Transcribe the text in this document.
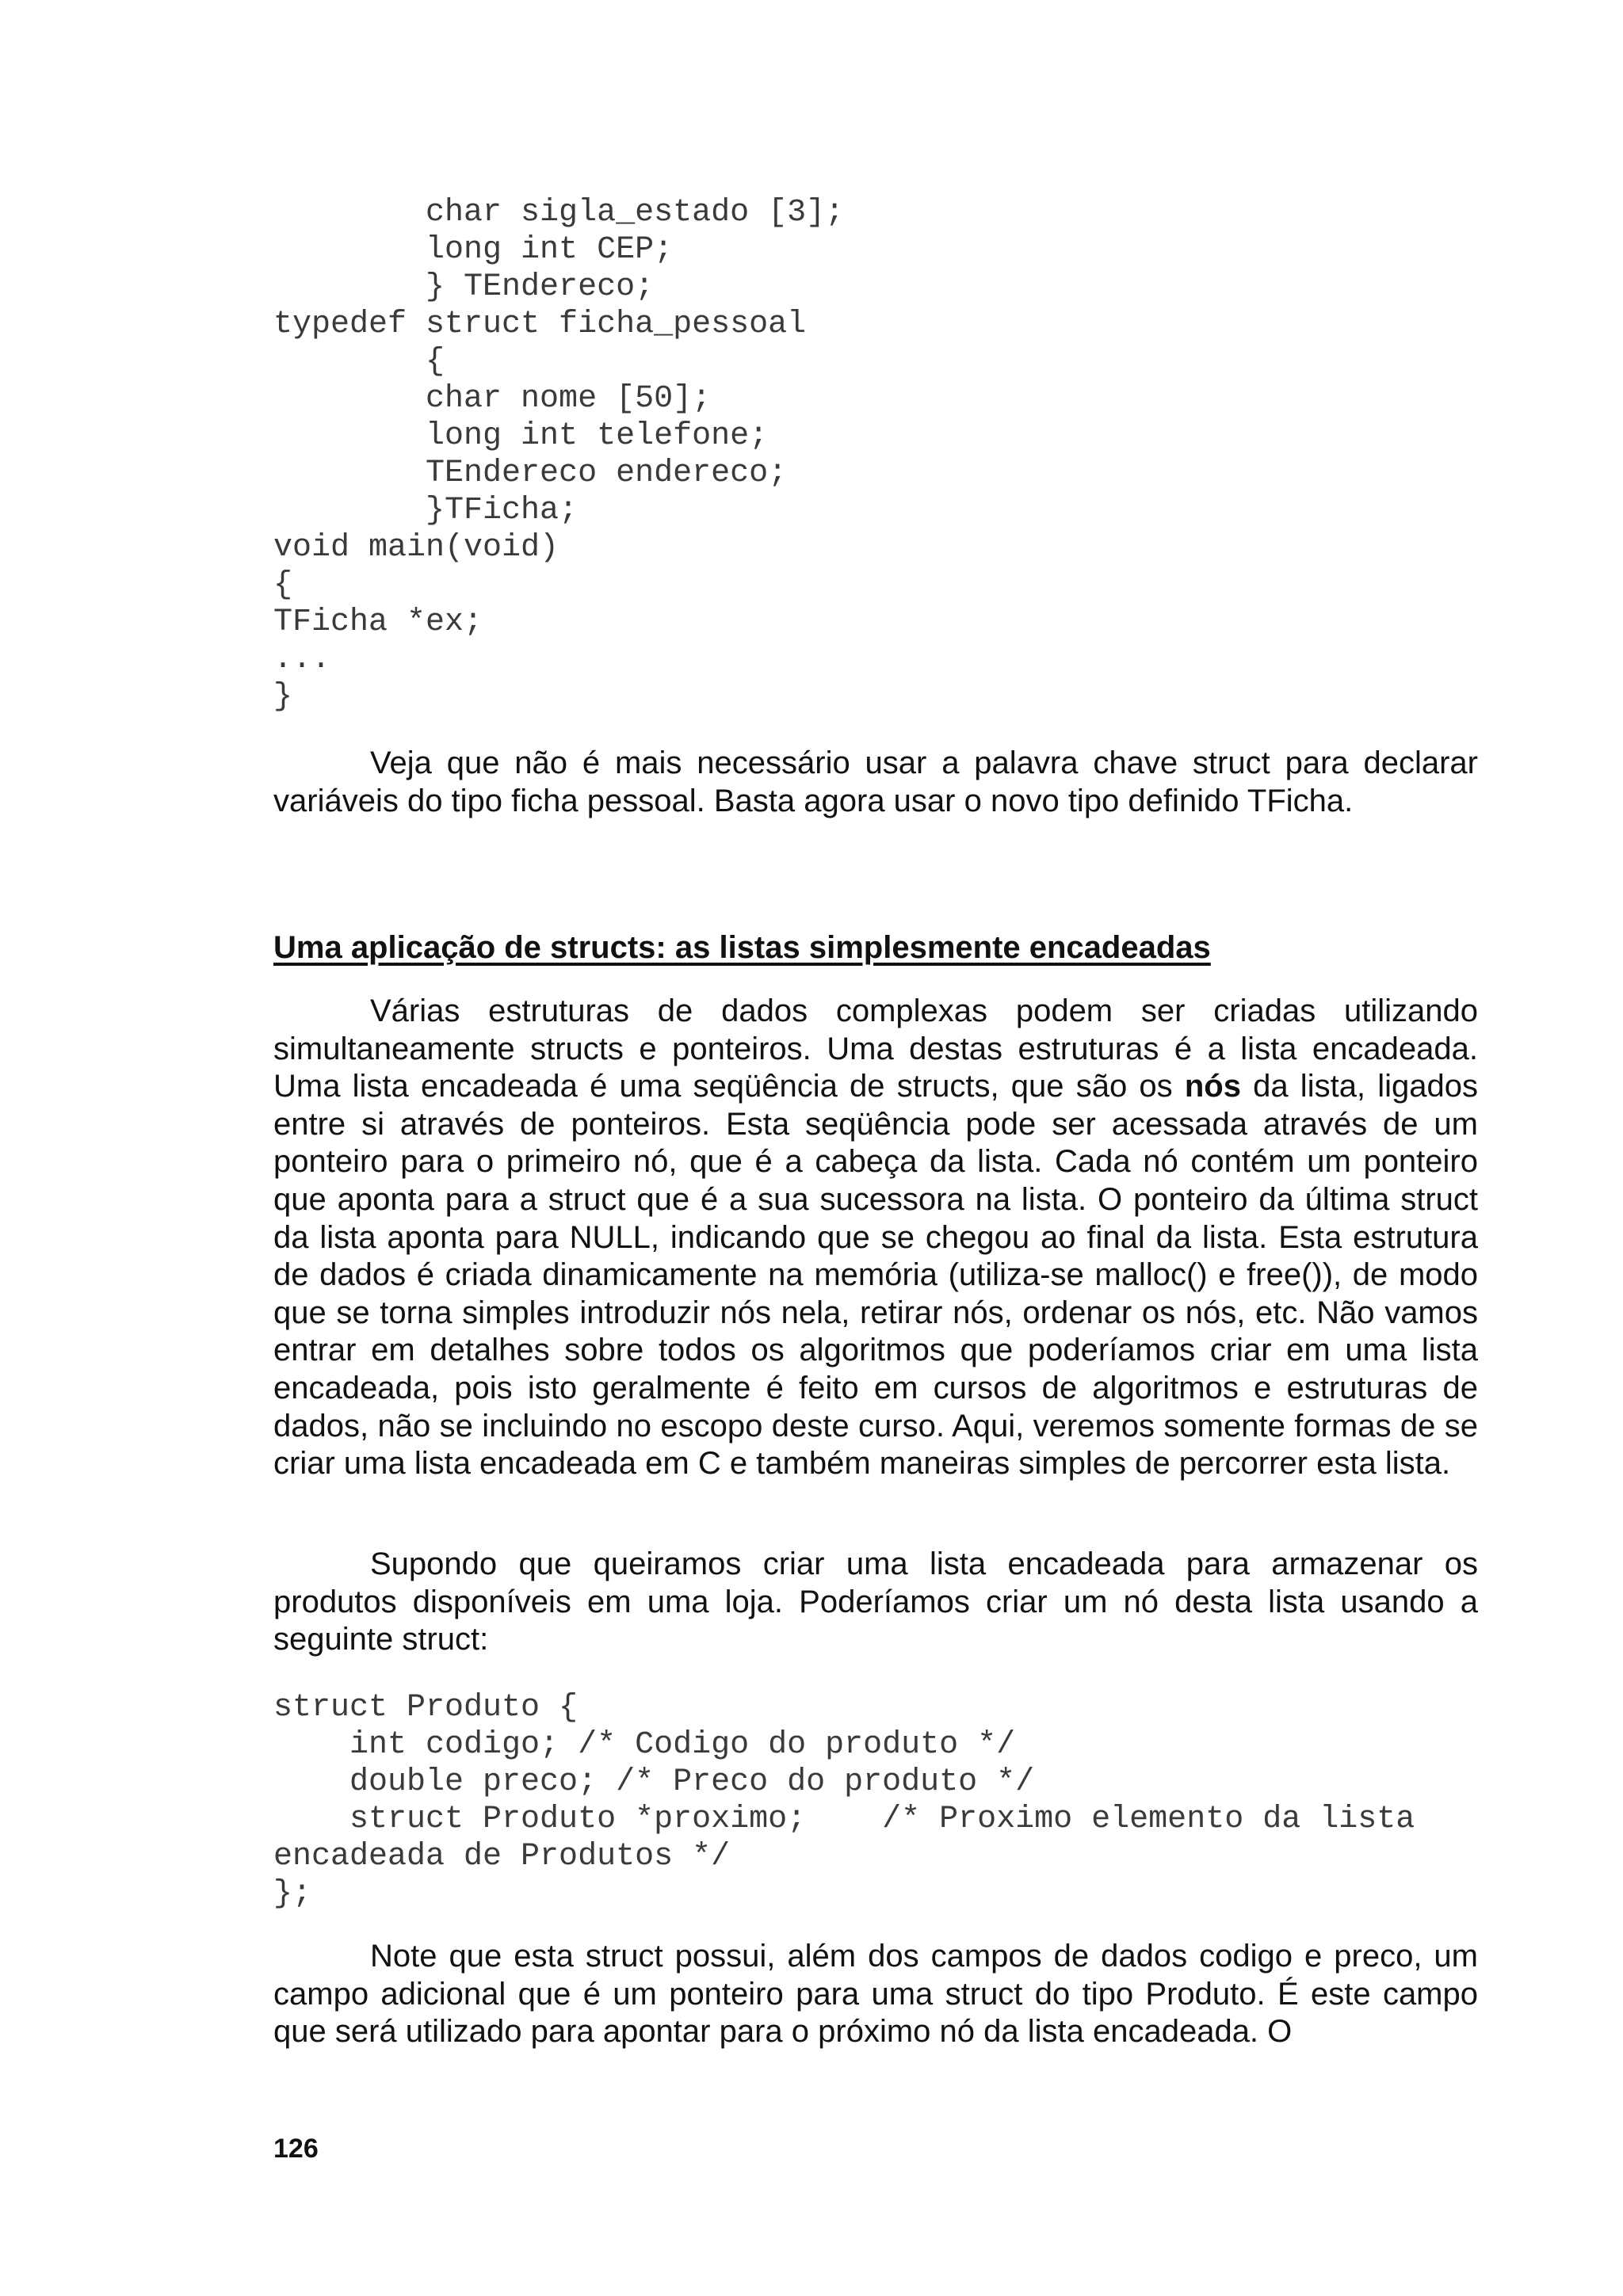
char sigla_estado [3];
long int CEP;
} TEndereco;
typedef struct ficha_pessoal
{
char nome [50];
long int telefone;
TEndereco endereco;
}TFicha;
void main(void)
{
TFicha *ex;
...
}

Veja que não é mais necessário usar a palavra chave struct para declarar variáveis do tipo ficha pessoal. Basta agora usar o novo tipo definido TFicha.

Uma aplicação de structs: as listas simplesmente encadeadas

Várias estruturas de dados complexas podem ser criadas utilizando simultaneamente structs e ponteiros. Uma destas estruturas é a lista encadeada. Uma lista encadeada é uma seqüência de structs, que são os nós da lista, ligados entre si através de ponteiros. Esta seqüência pode ser acessada através de um ponteiro para o primeiro nó, que é a cabeça da lista. Cada nó contém um ponteiro que aponta para a struct que é a sua sucessora na lista. O ponteiro da última struct da lista aponta para NULL, indicando que se chegou ao final da lista. Esta estrutura de dados é criada dinamicamente na memória (utiliza-se malloc() e free()), de modo que se torna simples introduzir nós nela, retirar nós, ordenar os nós, etc. Não vamos entrar em detalhes sobre todos os algoritmos que poderíamos criar em uma lista encadeada, pois isto geralmente é feito em cursos de algoritmos e estruturas de dados, não se incluindo no escopo deste curso. Aqui, veremos somente formas de se criar uma lista encadeada em C e também maneiras simples de percorrer esta lista.

Supondo que queiramos criar uma lista encadeada para armazenar os produtos disponíveis em uma loja. Poderíamos criar um nó desta lista usando a seguinte struct:

struct Produto {
int codigo; /* Codigo do produto */
double preco; /* Preco do produto */
struct Produto *proximo;    /* Proximo elemento da lista
encadeada de Produtos */
};

Note que esta struct possui, além dos campos de dados codigo e preco, um campo adicional que é um ponteiro para uma struct do tipo Produto. É este campo que será utilizado para apontar para o próximo nó da lista encadeada. O

126
